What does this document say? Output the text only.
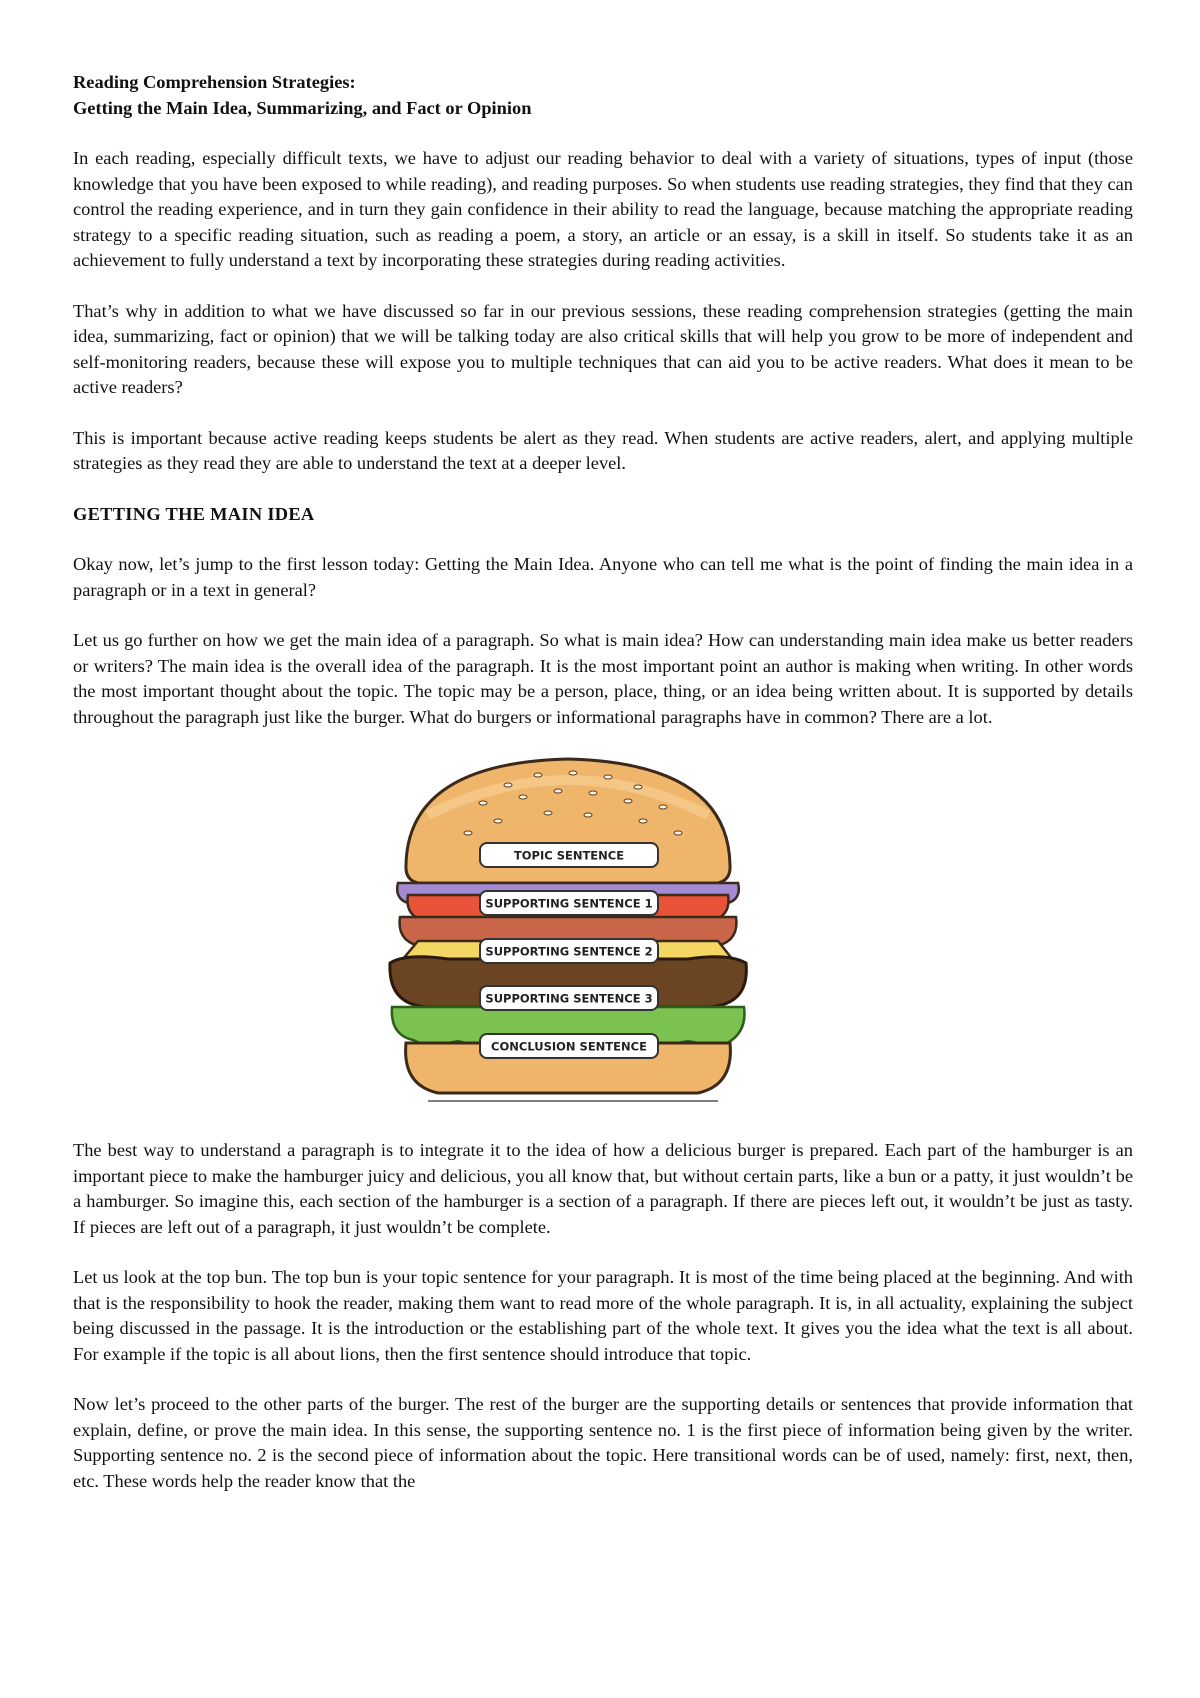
Reading Comprehension Strategies:
Getting the Main Idea, Summarizing, and Fact or Opinion

In each reading, especially difficult texts, we have to adjust our reading behavior to deal with a variety of situations, types of input (those knowledge that you have been exposed to while reading), and reading purposes. So when students use reading strategies, they find that they can control the reading experience, and in turn they gain confidence in their ability to read the language, because matching the appropriate reading strategy to a specific reading situation, such as reading a poem, a story, an article or an essay, is a skill in itself. So students take it as an achievement to fully understand a text by incorporating these strategies during reading activities.

That’s why in addition to what we have discussed so far in our previous sessions, these reading comprehension strategies (getting the main idea, summarizing, fact or opinion) that we will be talking today are also critical skills that will help you grow to be more of independent and self-monitoring readers, because these will expose you to multiple techniques that can aid you to be active readers. What does it mean to be active readers?

This is important because active reading keeps students be alert as they read. When students are active readers, alert, and applying multiple strategies as they read they are able to understand the text at a deeper level.

GETTING THE MAIN IDEA

Okay now, let’s jump to the first lesson today: Getting the Main Idea. Anyone who can tell me what is the point of finding the main idea in a paragraph or in a text in general?

Let us go further on how we get the main idea of a paragraph. So what is main idea? How can understanding main idea make us better readers or writers? The main idea is the overall idea of the paragraph. It is the most important point an author is making when writing. In other words the most important thought about the topic. The topic may be a person, place, thing, or an idea being written about. It is supported by details throughout the paragraph just like the burger. What do burgers or informational paragraphs have in common? There are a lot.

TOPIC SENTENCE
SUPPORTING SENTENCE 1
SUPPORTING SENTENCE 2
SUPPORTING SENTENCE 3
CONCLUSION SENTENCE

The best way to understand a paragraph is to integrate it to the idea of how a delicious burger is prepared. Each part of the hamburger is an important piece to make the hamburger juicy and delicious, you all know that, but without certain parts, like a bun or a patty, it just wouldn’t be a hamburger. So imagine this, each section of the hamburger is a section of a paragraph. If there are pieces left out, it wouldn’t be just as tasty. If pieces are left out of a paragraph, it just wouldn’t be complete.

Let us look at the top bun. The top bun is your topic sentence for your paragraph. It is most of the time being placed at the beginning. And with that is the responsibility to hook the reader, making them want to read more of the whole paragraph. It is, in all actuality, explaining the subject being discussed in the passage. It is the introduction or the establishing part of the whole text. It gives you the idea what the text is all about. For example if the topic is all about lions, then the first sentence should introduce that topic.

Now let’s proceed to the other parts of the burger. The rest of the burger are the supporting details or sentences that provide information that explain, define, or prove the main idea. In this sense, the supporting sentence no. 1 is the first piece of information being given by the writer. Supporting sentence no. 2 is the second piece of information about the topic. Here transitional words can be of used, namely: first, next, then, etc. These words help the reader know that the
